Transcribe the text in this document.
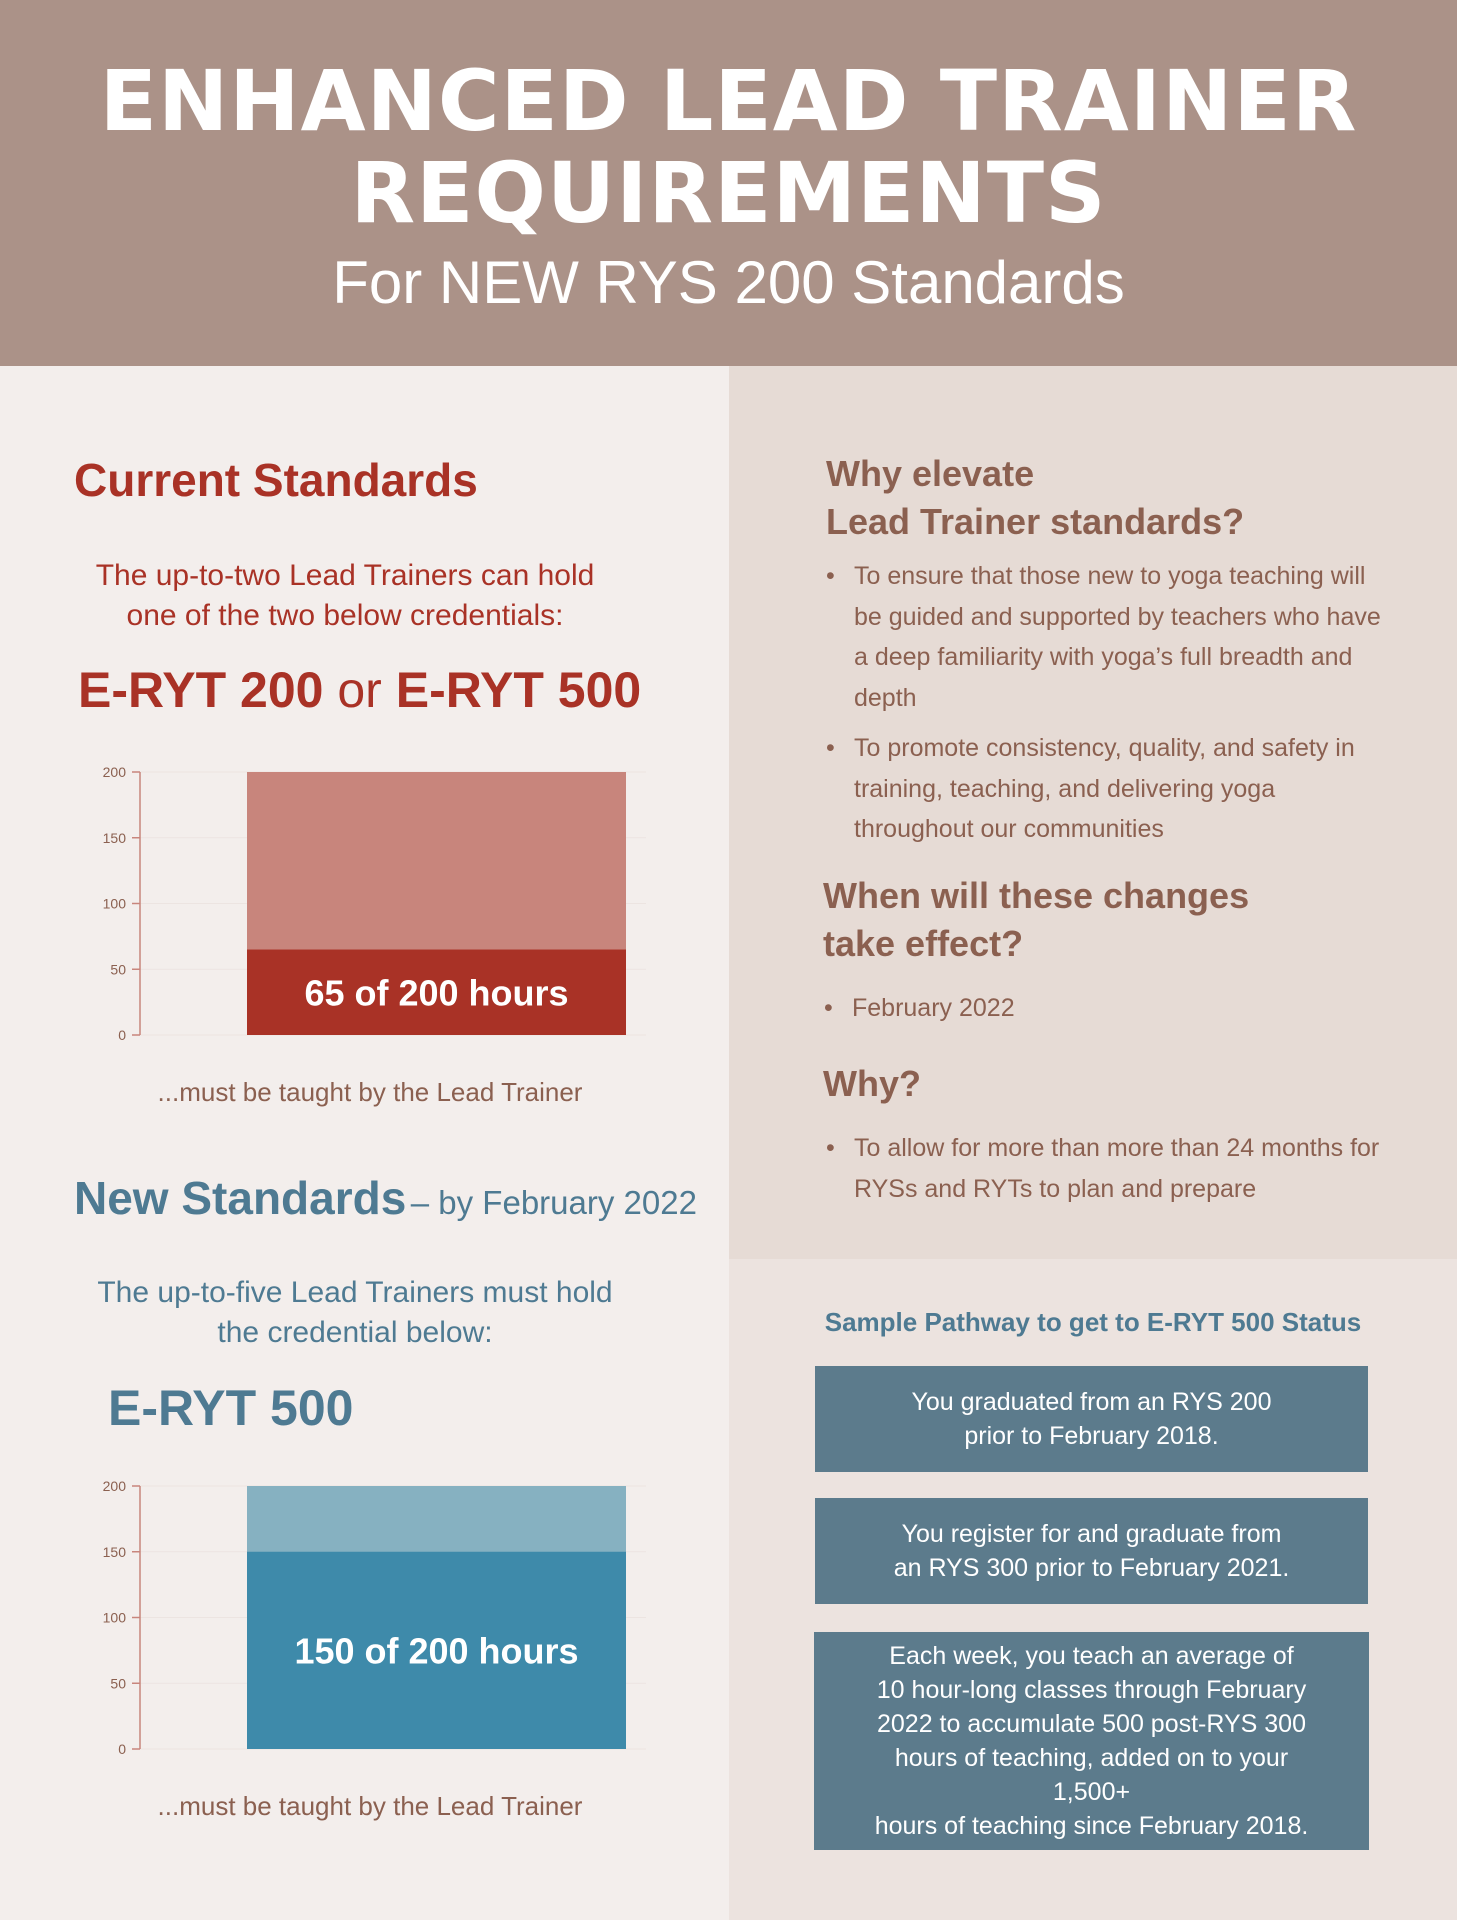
ENHANCED LEAD TRAINER
REQUIREMENTS
For NEW RYS 200 Standards
Current Standards
The up-to-two Lead Trainers can hold
one of the two below credentials:
E-RYT 200 or E-RYT 500
0
50
100
150
200
65 of 200 hours
...must be taught by the Lead Trainer
New Standards – by February 2022
The up-to-five Lead Trainers must hold
the credential below:
E-RYT 500
0
50
100
150
200
150 of 200 hours
...must be taught by the Lead Trainer
Why elevate
Lead Trainer standards?
• To ensure that those new to yoga teaching will be guided and supported by teachers who have a deep familiarity with yoga’s full breadth and depth
• To promote consistency, quality, and safety in training, teaching, and delivering yoga throughout our communities
When will these changes
take effect?
• February 2022
Why?
• To allow for more than more than 24 months for RYSs and RYTs to plan and prepare
Sample Pathway to get to E-RYT 500 Status
You graduated from an RYS 200
prior to February 2018.
You register for and graduate from
an RYS 300 prior to February 2021.
Each week, you teach an average of
10 hour-long classes through February
2022 to accumulate 500 post-RYS 300
hours of teaching, added on to your 1,500+
hours of teaching since February 2018.
